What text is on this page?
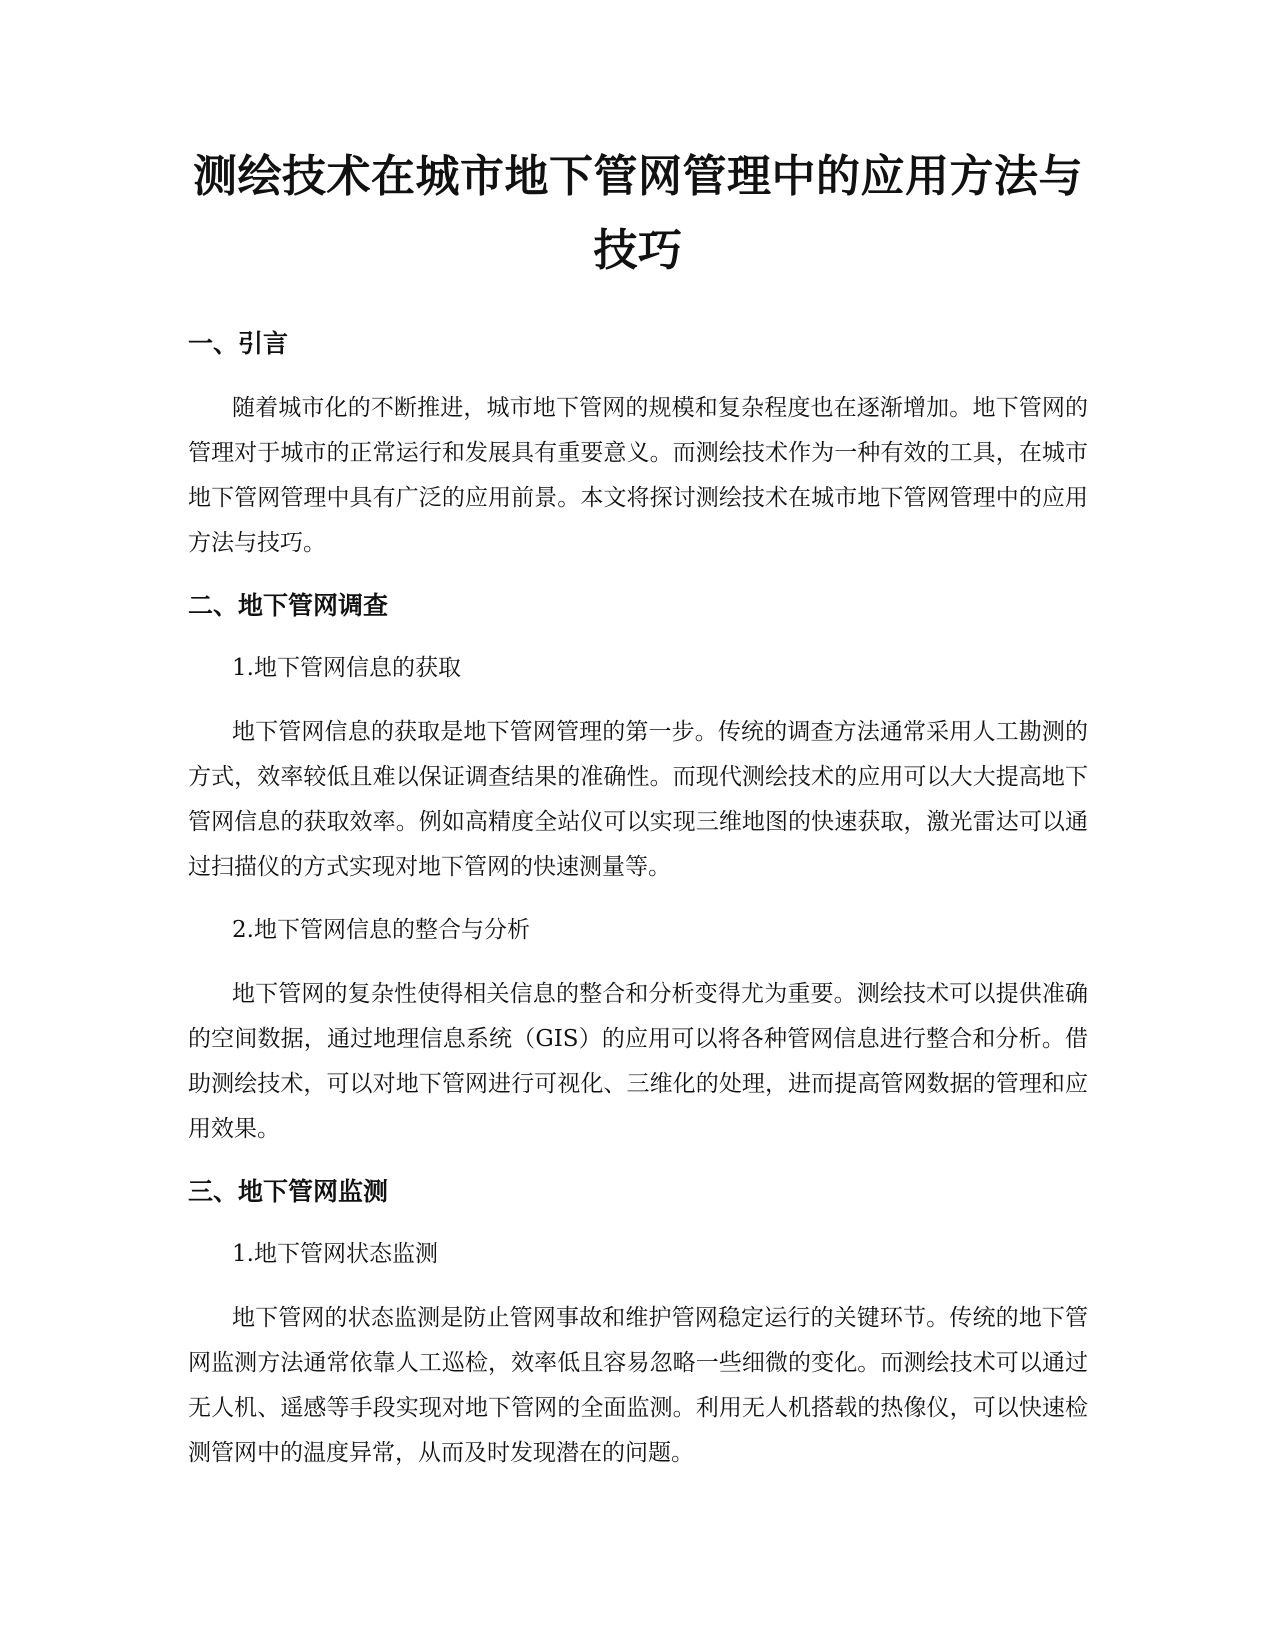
测绘技术在城市地下管网管理中的应用方法与技巧
一、引言

随着城市化的不断推进，城市地下管网的规模和复杂程度也在逐渐增加。地下管网的管理对于城市的正常运行和发展具有重要意义。而测绘技术作为一种有效的工具，在城市地下管网管理中具有广泛的应用前景。本文将探讨测绘技术在城市地下管网管理中的应用方法与技巧。

二、地下管网调查
1.地下管网信息的获取

地下管网信息的获取是地下管网管理的第一步。传统的调查方法通常采用人工勘测的方式，效率较低且难以保证调查结果的准确性。而现代测绘技术的应用可以大大提高地下管网信息的获取效率。例如高精度全站仪可以实现三维地图的快速获取，激光雷达可以通过扫描仪的方式实现对地下管网的快速测量等。

2.地下管网信息的整合与分析

地下管网的复杂性使得相关信息的整合和分析变得尤为重要。测绘技术可以提供准确的空间数据，通过地理信息系统（GIS）的应用可以将各种管网信息进行整合和分析。借助测绘技术，可以对地下管网进行可视化、三维化的处理，进而提高管网数据的管理和应用效果。

三、地下管网监测
1.地下管网状态监测

地下管网的状态监测是防止管网事故和维护管网稳定运行的关键环节。传统的地下管网监测方法通常依靠人工巡检，效率低且容易忽略一些细微的变化。而测绘技术可以通过无人机、遥感等手段实现对地下管网的全面监测。利用无人机搭载的热像仪，可以快速检测管网中的温度异常，从而及时发现潜在的问题。
